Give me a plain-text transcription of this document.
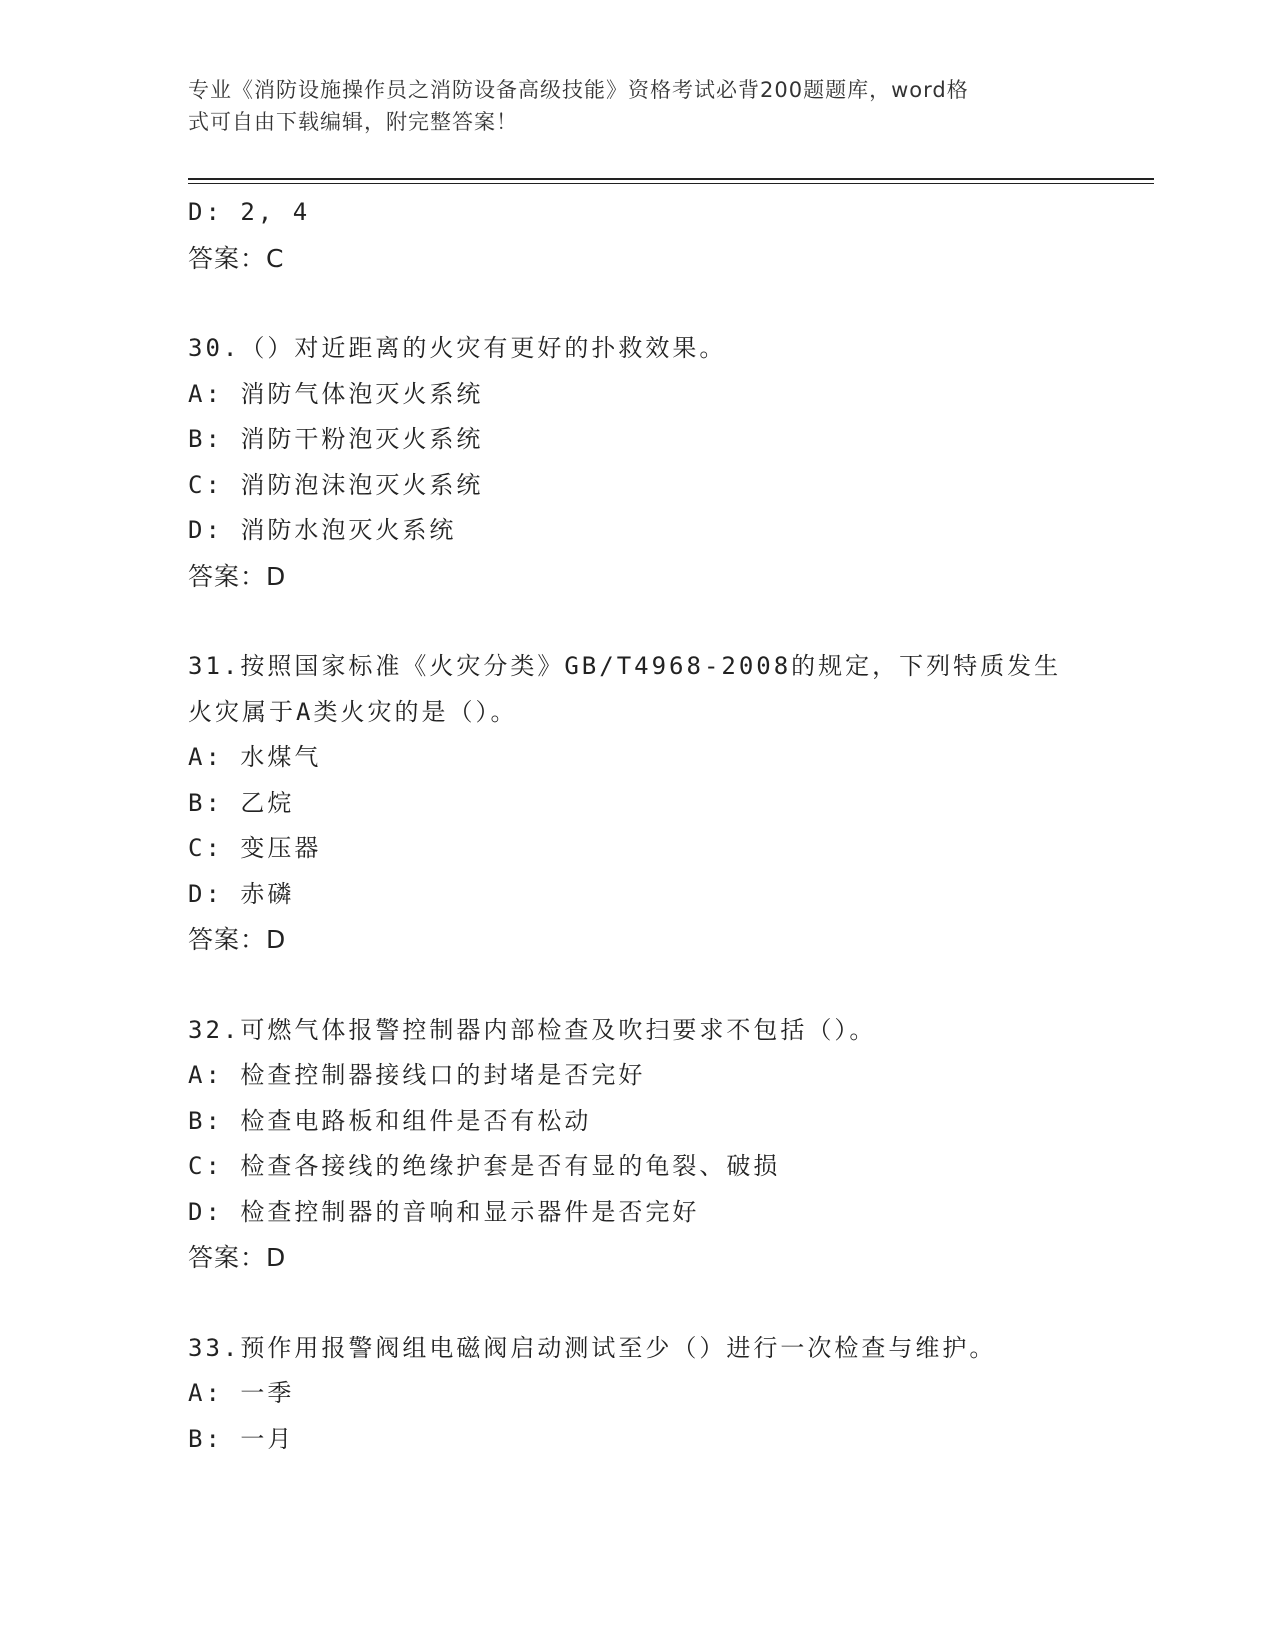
专业《消防设施操作员之消防设备高级技能》资格考试必背200题题库，word格
式可自由下载编辑，附完整答案！
D: 2, 4
答案：C
30.（）对近距离的火灾有更好的扑救效果。
A: 消防气体泡灭火系统
B: 消防干粉泡灭火系统
C: 消防泡沫泡灭火系统
D: 消防水泡灭火系统
答案：D
31.按照国家标准《火灾分类》GB/T4968-2008的规定，下列特质发生
火灾属于A类火灾的是（）。
A: 水煤气
B: 乙烷
C: 变压器
D: 赤磷
答案：D
32.可燃气体报警控制器内部检查及吹扫要求不包括（）。
A: 检查控制器接线口的封堵是否完好
B: 检查电路板和组件是否有松动
C: 检查各接线的绝缘护套是否有显的龟裂、破损
D: 检查控制器的音响和显示器件是否完好
答案：D
33.预作用报警阀组电磁阀启动测试至少（）进行一次检查与维护。
A: 一季
B: 一月
